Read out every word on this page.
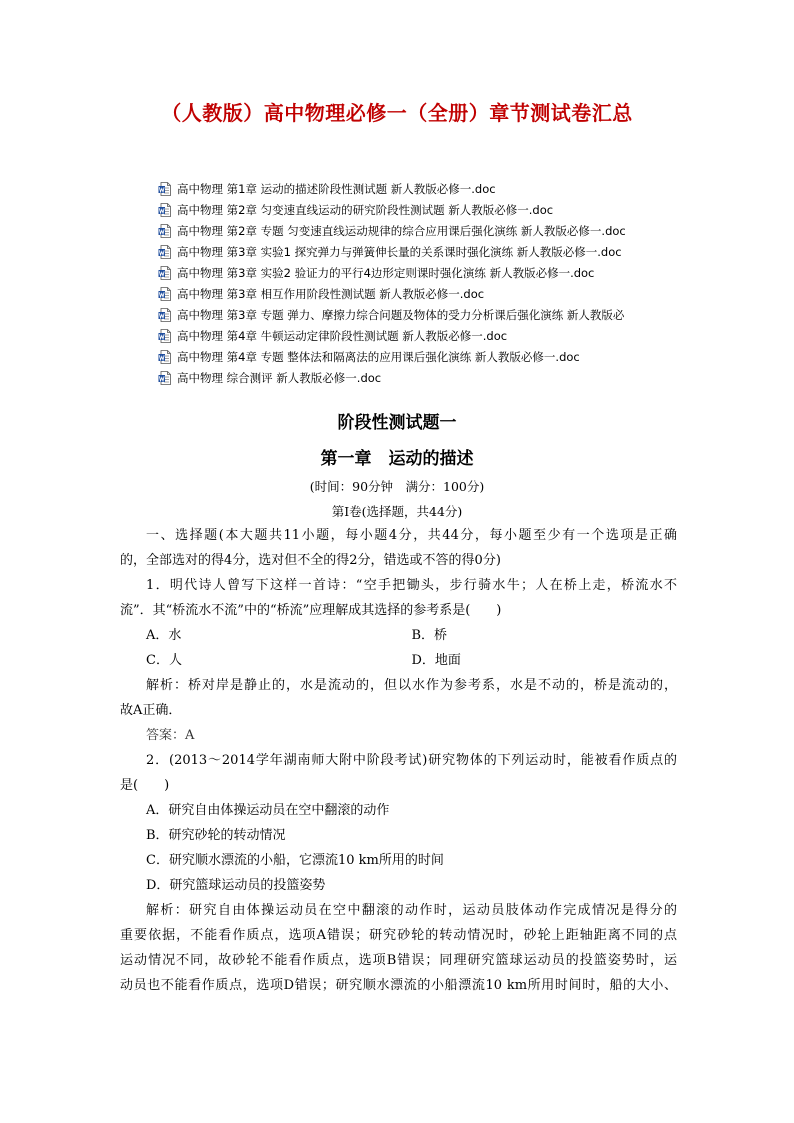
（人教版）高中物理必修一（全册）章节测试卷汇总
高中物理 第1章 运动的描述阶段性测试题 新人教版必修一.doc
高中物理 第2章 匀变速直线运动的研究阶段性测试题 新人教版必修一.doc
高中物理 第2章 专题 匀变速直线运动规律的综合应用课后强化演练 新人教版必修一.doc
高中物理 第3章 实验1 探究弹力与弹簧伸长量的关系课时强化演练 新人教版必修一.doc
高中物理 第3章 实验2 验证力的平行4边形定则课时强化演练 新人教版必修一.doc
高中物理 第3章 相互作用阶段性测试题 新人教版必修一.doc
高中物理 第3章 专题 弹力、摩擦力综合问题及物体的受力分析课后强化演练 新人教版必
高中物理 第4章 牛顿运动定律阶段性测试题 新人教版必修一.doc
高中物理 第4章 专题 整体法和隔离法的应用课后强化演练 新人教版必修一.doc
高中物理 综合测评 新人教版必修一.doc
阶段性测试题一
第一章　运动的描述
(时间：90分钟　满分：100分)
第Ⅰ卷(选择题，共44分)
一、选择题(本大题共11小题，每小题4分，共44分，每小题至少有一个选项是正确
的，全部选对的得4分，选对但不全的得2分，错选或不答的得0分)
1．明代诗人曾写下这样一首诗：“空手把锄头，步行骑水牛；人在桥上走，桥流水不
流”．其“桥流水不流”中的“桥流”应理解成其选择的参考系是(　　)
A．水	B．桥
C．人	D．地面
解析：桥对岸是静止的，水是流动的，但以水作为参考系，水是不动的，桥是流动的，
故A正确．
答案：A
2．(2013～2014学年湖南师大附中阶段考试)研究物体的下列运动时，能被看作质点的
是(　　)
A．研究自由体操运动员在空中翻滚的动作
B．研究砂轮的转动情况
C．研究顺水漂流的小船，它漂流10 km所用的时间
D．研究篮球运动员的投篮姿势
解析：研究自由体操运动员在空中翻滚的动作时，运动员肢体动作完成情况是得分的
重要依据，不能看作质点，选项A错误；研究砂轮的转动情况时，砂轮上距轴距离不同的点
运动情况不同，故砂轮不能看作质点，选项B错误；同理研究篮球运动员的投篮姿势时，运
动员也不能看作质点，选项D错误；研究顺水漂流的小船漂流10 km所用时间时，船的大小、
